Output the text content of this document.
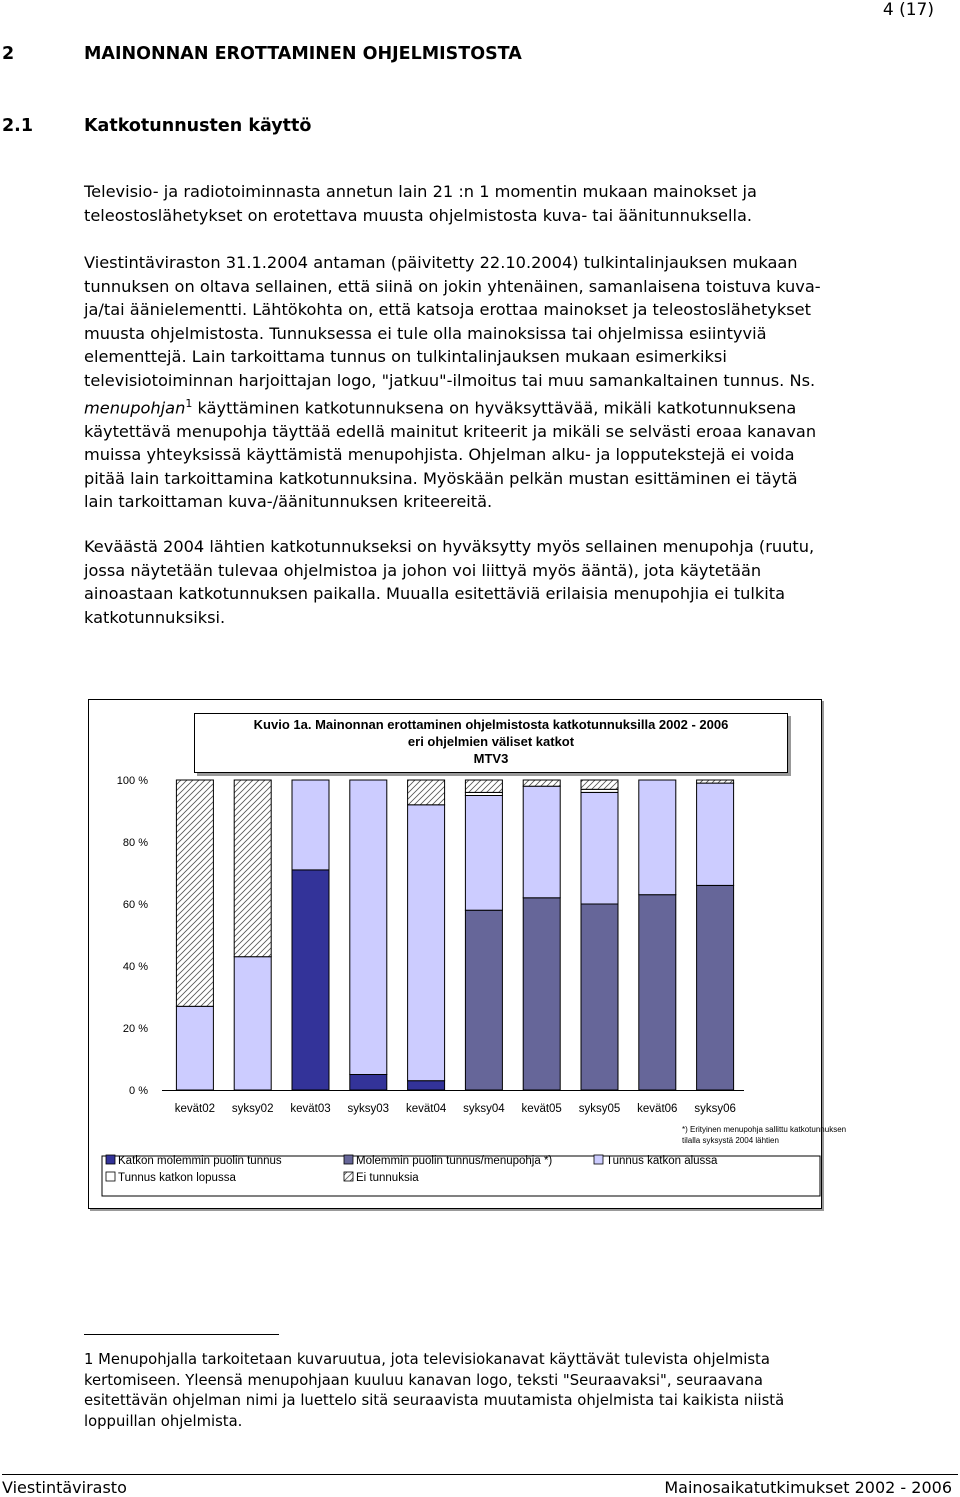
4 (17)
2	MAINONNAN EROTTAMINEN OHJELMISTOSTA
2.1	Katkotunnusten käyttö

Televisio- ja radiotoiminnasta annetun lain 21 :n 1 momentin mukaan mainokset ja

teleostoslähetykset on erotettava muusta ohjelmistosta kuva- tai äänitunnuksella.

Viestintäviraston 31.1.2004 antaman (päivitetty 22.10.2004) tulkintalinjauksen mukaan

tunnuksen on oltava sellainen, että siinä on jokin yhtenäinen, samanlaisena toistuva kuva-

ja/tai äänielementti. Lähtökohta on, että katsoja erottaa mainokset ja teleostoslähetykset

muusta ohjelmistosta. Tunnuksessa ei tule olla mainoksissa tai ohjelmissa esiintyviä

elementtejä. Lain tarkoittama tunnus on tulkintalinjauksen mukaan esimerkiksi

televisiotoiminnan harjoittajan logo, "jatkuu"-ilmoitus tai muu samankaltainen tunnus. Ns.

menupohjan$^1$ käyttäminen katkotunnuksena on hyväksyttävää, mikäli katkotunnuksena

käytettävä menupohja täyttää edellä mainitut kriteerit ja mikäli se selvästi eroaa kanavan

muissa yhteyksissä käyttämistä menupohjista. Ohjelman alku- ja lopputekstejä ei voida

pitää lain tarkoittamina katkotunnuksina. Myöskään pelkän mustan esittäminen ei täytä

lain tarkoittaman kuva-/äänitunnuksen kriteereitä.

Keväästä 2004 lähtien katkotunnukseksi on hyväksytty myös sellainen menupohja (ruutu,

jossa näytetään tulevaa ohjelmistoa ja johon voi liittyä myös ääntä), jota käytetään

ainoastaan katkotunnuksen paikalla. Muualla esitettäviä erilaisia menupohjia ei tulkita

katkotunnuksiksi.

0 %
20 %
40 %
60 %
80 %
100 %
kevät02 syksy02 kevät03 syksy03 kevät04 syksy04 kevät05 syksy05 kevät06 syksy06
*) Erityinen menupohja sallittu katkotunnuksen
tilalla syksystä 2004 lähtien
Katkon molemmin puolin tunnus	Molemmin puolin tunnus/menupohja *)	Tunnus katkon alussa
Tunnus katkon lopussa	Ei tunnuksia
Kuvio 1a. Mainonnan erottaminen ohjelmistosta katkotunnuksilla 2002 - 2006
eri ohjelmien väliset katkot
MTV3

1 Menupohjalla tarkoitetaan kuvaruutua, jota televisiokanavat käyttävät tulevista ohjelmista

kertomiseen. Yleensä menupohjaan kuuluu kanavan logo, teksti "Seuraavaksi", seuraavana

esitettävän ohjelman nimi ja luettelo sitä seuraavista muutamista ohjelmista tai kaikista niistä

loppuillan ohjelmista.

Viestintävirasto	Mainosaikatutkimukset 2002 - 2006
